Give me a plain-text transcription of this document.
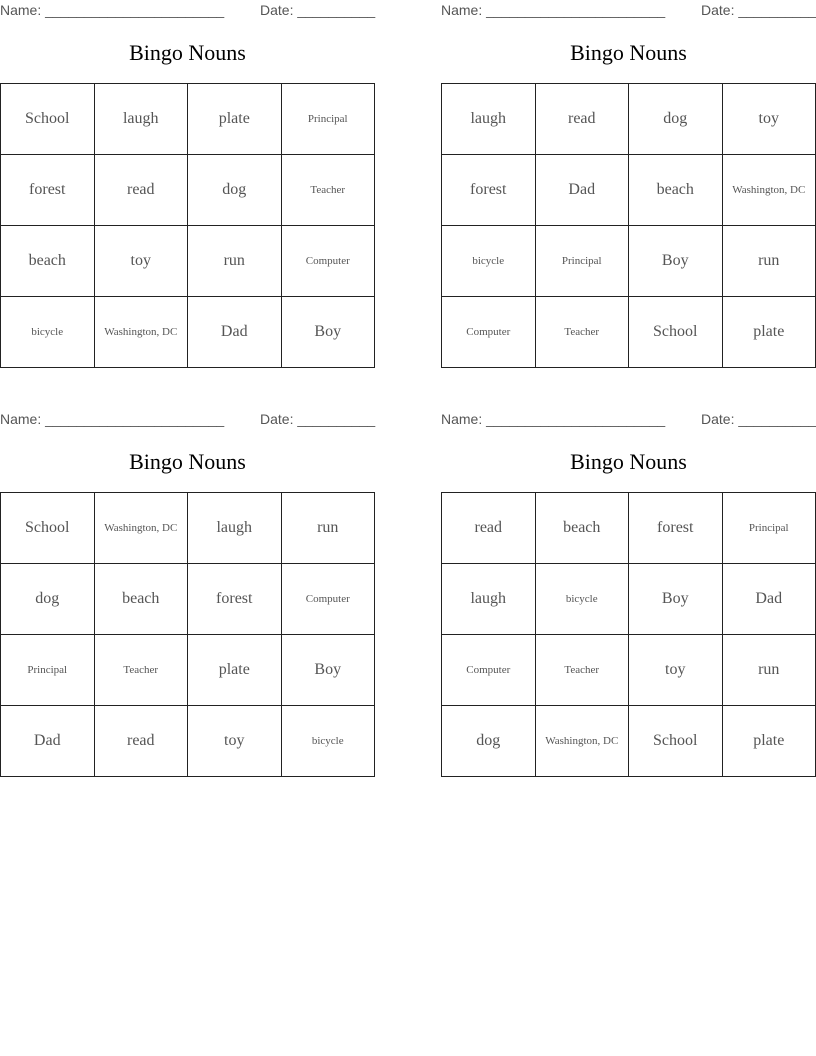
Name: _______________________	Date: __________
Bingo Nouns
School	laugh	plate	Principal
forest	read	dog	Teacher
beach	toy	run	Computer
bicycle	Washington, DC	Dad	Boy
Name: _______________________	Date: __________
Bingo Nouns
laugh	read	dog	toy
forest	Dad	beach	Washington, DC
bicycle	Principal	Boy	run
Computer	Teacher	School	plate
Name: _______________________	Date: __________
Bingo Nouns
School	Washington, DC	laugh	run
dog	beach	forest	Computer
Principal	Teacher	plate	Boy
Dad	read	toy	bicycle
Name: _______________________	Date: __________
Bingo Nouns
read	beach	forest	Principal
laugh	bicycle	Boy	Dad
Computer	Teacher	toy	run
dog	Washington, DC	School	plate
